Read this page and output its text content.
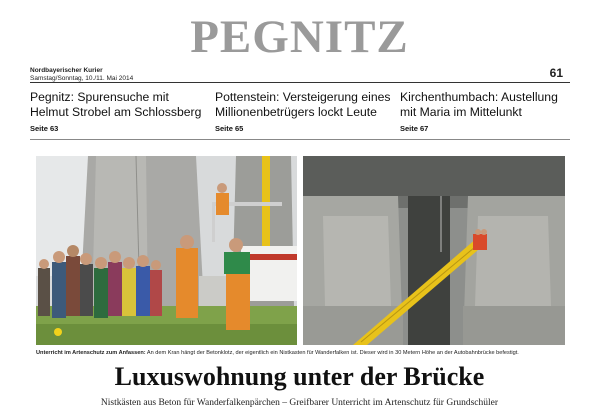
PEGNITZ
Nordbayerischer Kurier
Samstag/Sonntag, 10./11. Mai 2014	61
Pegnitz: Spurensuche mit Helmut Strobel am Schlossberg
Seite 63
Pottenstein: Versteigerung eines Millionenbetrügers lockt Leute
Seite 65
Kirchenthumbach: Austellung mit Maria im Mittelunkt
Seite 67
Unterricht im Artenschutz zum Anfassen: An dem Kran hängt der Betonklotz, der eigentlich ein Nistkasten für Wanderfalken ist. Dieser wird in 30 Metern Höhe an der Autobahnbrücke befestigt.
Luxuswohnung unter der Brücke
Nistkästen aus Beton für Wanderfalkenpärchen – Greifbarer Unterricht im Artenschutz für Grundschüler
